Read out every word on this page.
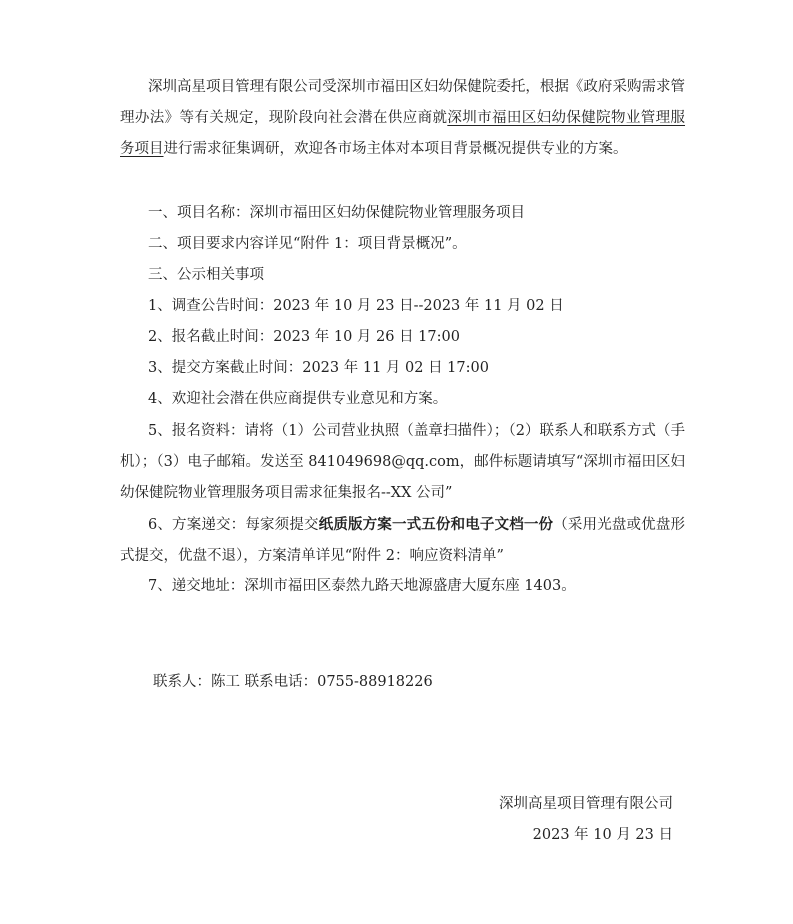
深圳高星项目管理有限公司受深圳市福田区妇幼保健院委托，根据《政府采购需求管理办法》等有关规定，现阶段向社会潜在供应商就深圳市福田区妇幼保健院物业管理服务项目进行需求征集调研，欢迎各市场主体对本项目背景概况提供专业的方案。

一、项目名称：深圳市福田区妇幼保健院物业管理服务项目

二、项目要求内容详见“附件 1：项目背景概况”。

三、公示相关事项

1、调查公告时间：2023 年 10 月 23 日--2023 年 11 月 02 日

2、报名截止时间：2023 年 10 月 26 日 17:00

3、提交方案截止时间：2023 年 11 月 02 日 17:00

4、欢迎社会潜在供应商提供专业意见和方案。

5、报名资料：请将（1）公司营业执照（盖章扫描件）；（2）联系人和联系方式（手机）；（3）电子邮箱。发送至 841049698@qq.com，邮件标题请填写“深圳市福田区妇幼保健院物业管理服务项目需求征集报名--XX 公司”

6、方案递交：每家须提交纸质版方案一式五份和电子文档一份（采用光盘或优盘形式提交，优盘不退），方案清单详见“附件 2：响应资料清单”

7、递交地址：深圳市福田区泰然九路天地源盛唐大厦东座 1403。

联系人：陈工 联系电话：0755-88918226
深圳高星项目管理有限公司
2023 年 10 月 23 日
